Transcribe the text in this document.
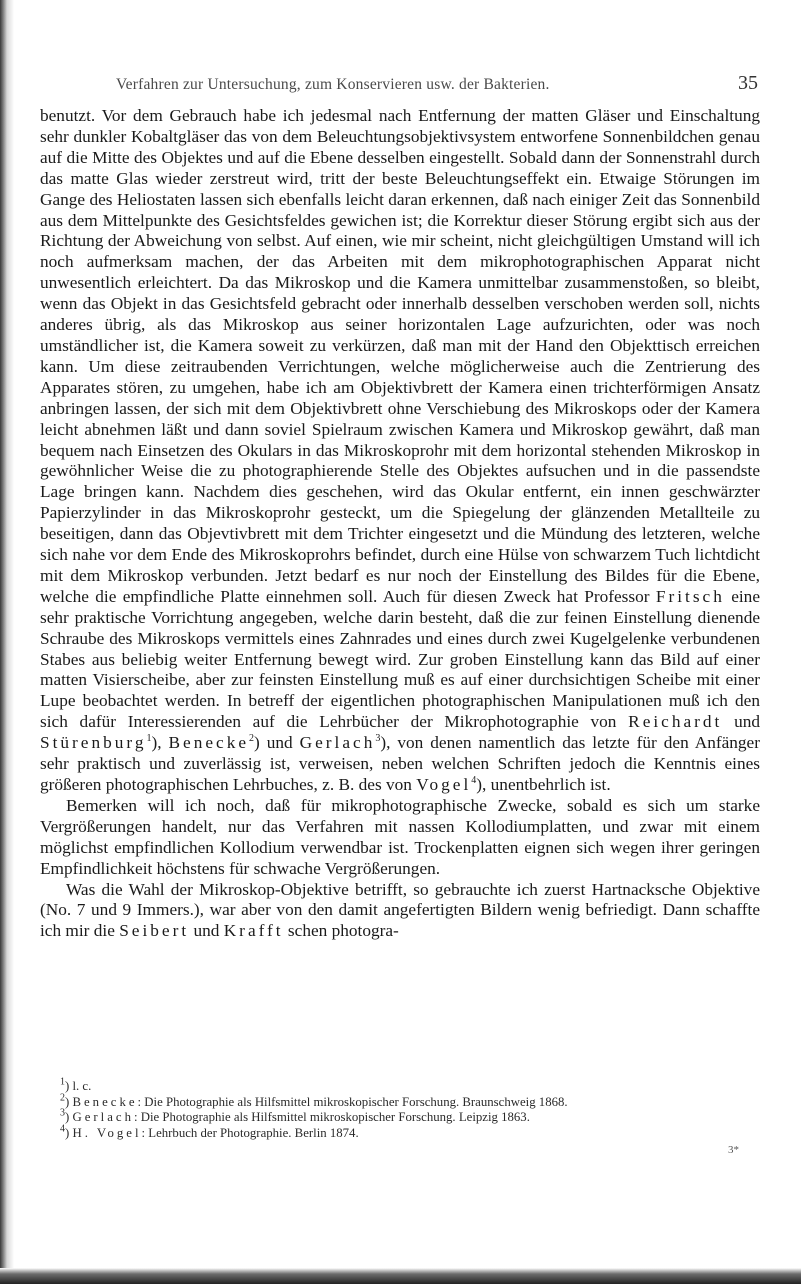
Verfahren zur Untersuchung, zum Konservieren usw. der Bakterien.	35

benutzt. Vor dem Gebrauch habe ich jedesmal nach Entfernung der matten Gläser und Einschaltung sehr dunkler Kobaltgläser das von dem Beleuchtungsobjektivsystem entworfene Sonnenbildchen genau auf die Mitte des Objektes und auf die Ebene desselben eingestellt. Sobald dann der Sonnenstrahl durch das matte Glas wieder zerstreut wird, tritt der beste Beleuchtungseffekt ein. Etwaige Störungen im Gange des Heliostaten lassen sich ebenfalls leicht daran erkennen, daß nach einiger Zeit das Sonnenbild aus dem Mittelpunkte des Gesichtsfeldes gewichen ist; die Korrektur dieser Störung ergibt sich aus der Richtung der Abweichung von selbst. Auf einen, wie mir scheint, nicht gleichgültigen Umstand will ich noch aufmerksam machen, der das Arbeiten mit dem mikrophotographischen Apparat nicht unwesentlich erleichtert. Da das Mikroskop und die Kamera unmittelbar zusammenstoßen, so bleibt, wenn das Objekt in das Gesichtsfeld gebracht oder innerhalb desselben verschoben werden soll, nichts anderes übrig, als das Mikroskop aus seiner horizontalen Lage aufzurichten, oder was noch umständlicher ist, die Kamera soweit zu verkürzen, daß man mit der Hand den Objekttisch erreichen kann. Um diese zeitraubenden Verrichtungen, welche möglicherweise auch die Zentrierung des Apparates stören, zu umgehen, habe ich am Objektivbrett der Kamera einen trichterförmigen Ansatz anbringen lassen, der sich mit dem Objektivbrett ohne Verschiebung des Mikroskops oder der Kamera leicht abnehmen läßt und dann soviel Spielraum zwischen Kamera und Mikroskop gewährt, daß man bequem nach Einsetzen des Okulars in das Mikroskoprohr mit dem horizontal stehenden Mikroskop in gewöhnlicher Weise die zu photographierende Stelle des Objektes aufsuchen und in die passendste Lage bringen kann. Nachdem dies geschehen, wird das Okular entfernt, ein innen geschwärzter Papierzylinder in das Mikroskoprohr gesteckt, um die Spiegelung der glänzenden Metallteile zu beseitigen, dann das Objevtivbrett mit dem Trichter eingesetzt und die Mündung des letzteren, welche sich nahe vor dem Ende des Mikroskoprohrs befindet, durch eine Hülse von schwarzem Tuch lichtdicht mit dem Mikroskop verbunden. Jetzt bedarf es nur noch der Einstellung des Bildes für die Ebene, welche die empfindliche Platte einnehmen soll. Auch für diesen Zweck hat Professor Fritsch eine sehr praktische Vorrichtung angegeben, welche darin besteht, daß die zur feinen Einstellung dienende Schraube des Mikroskops vermittels eines Zahnrades und eines durch zwei Kugelgelenke verbundenen Stabes aus beliebig weiter Entfernung bewegt wird. Zur groben Einstellung kann das Bild auf einer matten Visierscheibe, aber zur feinsten Einstellung muß es auf einer durchsichtigen Scheibe mit einer Lupe beobachtet werden. In betreff der eigentlichen photographischen Manipulationen muß ich den sich dafür Interessierenden auf die Lehrbücher der Mikrophotographie von Reichardt und Stürenburg$^1$), Benecke$^2$) und Gerlach$^3$), von denen namentlich das letzte für den Anfänger sehr praktisch und zuverlässig ist, verweisen, neben welchen Schriften jedoch die Kenntnis eines größeren photographischen Lehrbuches, z. B. des von Vogel$^4$), unentbehrlich ist.

Bemerken will ich noch, daß für mikrophotographische Zwecke, sobald es sich um starke Vergrößerungen handelt, nur das Verfahren mit nassen Kollodiumplatten, und zwar mit einem möglichst empfindlichen Kollodium verwendbar ist. Trockenplatten eignen sich wegen ihrer geringen Empfindlichkeit höchstens für schwache Vergrößerungen.

Was die Wahl der Mikroskop-Objektive betrifft, so gebrauchte ich zuerst Hartnacksche Objektive (No. 7 und 9 Immers.), war aber von den damit angefertigten Bildern wenig befriedigt. Dann schaffte ich mir die Seibert und Krafft schen photogra-

$^1$) l. c.
$^2$) Benecke: Die Photographie als Hilfsmittel mikroskopischer Forschung. Braunschweig 1868.
$^3$) Gerlach: Die Photographie als Hilfsmittel mikroskopischer Forschung. Leipzig 1863.
$^4$) H. Vogel: Lehrbuch der Photographie. Berlin 1874.
3*
